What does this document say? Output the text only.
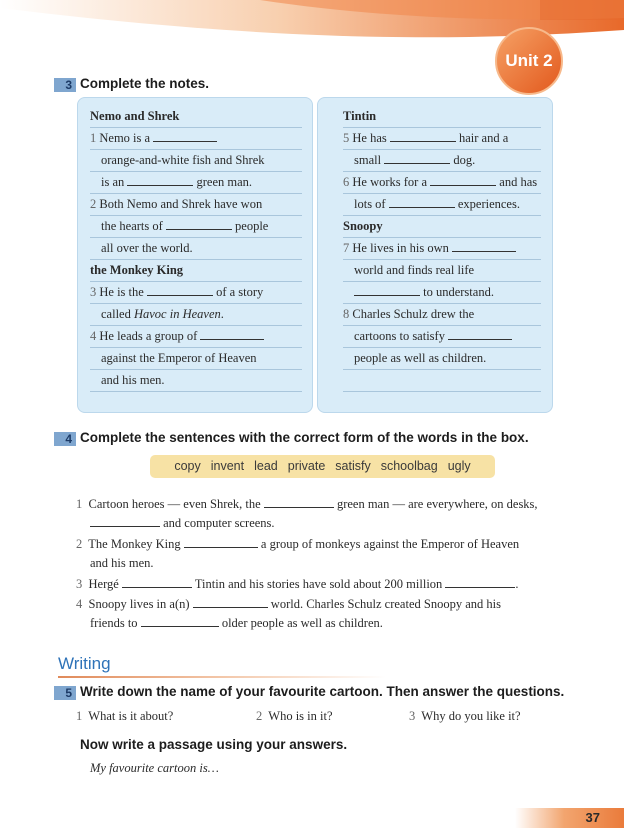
Unit 2
3 Complete the notes.
Nemo and Shrek
1 Nemo is a
orange-and-white fish and Shrek
is an	green man.
2 Both Nemo and Shrek have won
the hearts of	people
all over the world.
the Monkey King
3 He is the	of a story
called Havoc in Heaven.
4 He leads a group of
against the Emperor of Heaven
and his men.
Tintin
5 He has	hair and a
small	dog.
6 He works for a	and has
lots of	experiences.
Snoopy
7 He lives in his own
world and finds real life
to understand.
8 Charles Schulz drew the
cartoons to satisfy
people as well as children.
4 Complete the sentences with the correct form of the words in the box.
copy invent lead private satisfy schoolbag ugly
1 Cartoon heroes — even Shrek, the	green man — are everywhere, on desks,
and computer screens.
2 The Monkey King	a group of monkeys against the Emperor of Heaven
and his men.
3 Hergé	Tintin and his stories have sold about 200 million	.
4 Snoopy lives in a(n)	world. Charles Schulz created Snoopy and his
friends to	older people as well as children.
Writing
5 Write down the name of your favourite cartoon. Then answer the questions.
1 What is it about?	2 Who is in it?	3 Why do you like it?
Now write a passage using your answers.
My favourite cartoon is…
37
